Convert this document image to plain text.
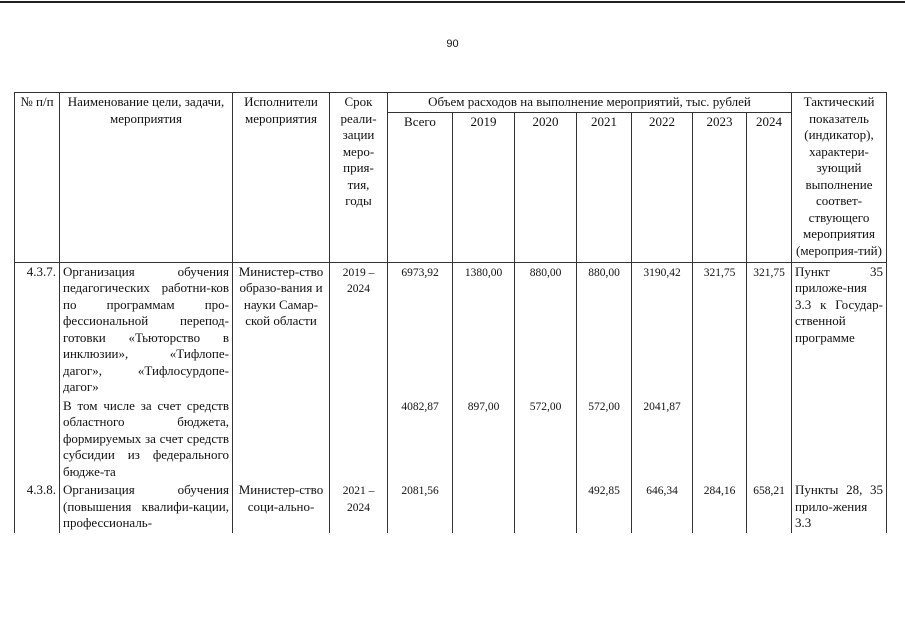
90
№ п/п	Наименование цели, задачи, мероприятия	Исполнители мероприятия	Срок реали-зации меро-прия-тия, годы	Объем расходов на выполнение мероприятий, тыс. рублей							Тактический показатель (индикатор), характери-зующий выполнение соответ-ствующего мероприятия (мероприя-тий)
				Всего	2019	2020	2021	2022	2023	2024	
4.3.7.	Организация обучения педагогических работни-ков по программам про-фессиональной перепод-готовки «Тьюторство в инклюзии», «Тифлопе-дагог», «Тифлосурдопе-дагог»	Министер-ство образо-вания и науки Самар-ской области	2019 – 2024	6973,92	1380,00	880,00	880,00	3190,42	321,75	321,75	Пункт 35 приложе-ния 3.3 к Государ-ственной программе
	В том числе за счет средств областного бюджета, формируемых за счет средств субсидии из федерального бюдже-та			4082,87	897,00	572,00	572,00	2041,87			
4.3.8.	Организация обучения (повышения квалифи-кации, профессиональ-	Министер-ство соци-ально-	2021 – 2024	2081,56			492,85	646,34	284,16	658,21	Пункты 28, 35 прило-жения 3.3
